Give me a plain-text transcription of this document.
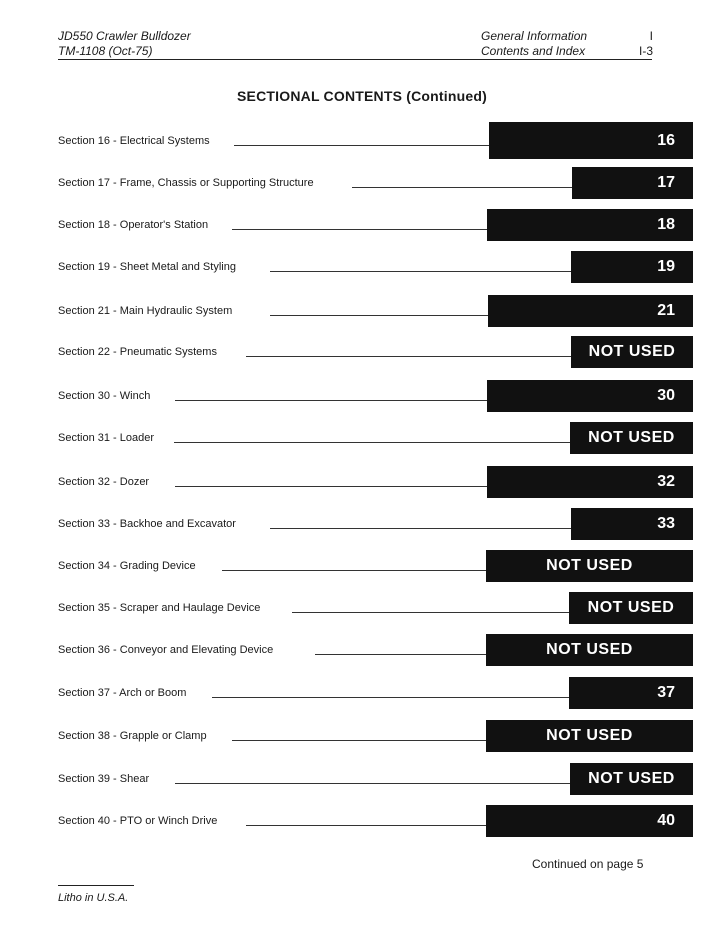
JD550 Crawler Bulldozer
TM-1108 (Oct-75)
General Information
Contents and Index
I
I-3
SECTIONAL CONTENTS (Continued)
Section 16 - Electrical Systems	16
Section 17 - Frame, Chassis or Supporting Structure	17
Section 18 - Operator's Station	18
Section 19 - Sheet Metal and Styling	19
Section 21 - Main Hydraulic System	21
Section 22 - Pneumatic Systems	NOT USED
Section 30 - Winch	30
Section 31 - Loader	NOT USED
Section 32 - Dozer	32
Section 33 - Backhoe and Excavator	33
Section 34 - Grading Device	NOT USED
Section 35 - Scraper and Haulage Device	NOT USED
Section 36 - Conveyor and Elevating Device	NOT USED
Section 37 - Arch or Boom	37
Section 38 - Grapple or Clamp	NOT USED
Section 39 - Shear	NOT USED
Section 40 - PTO or Winch Drive	40
Continued on page 5
Litho in U.S.A.
